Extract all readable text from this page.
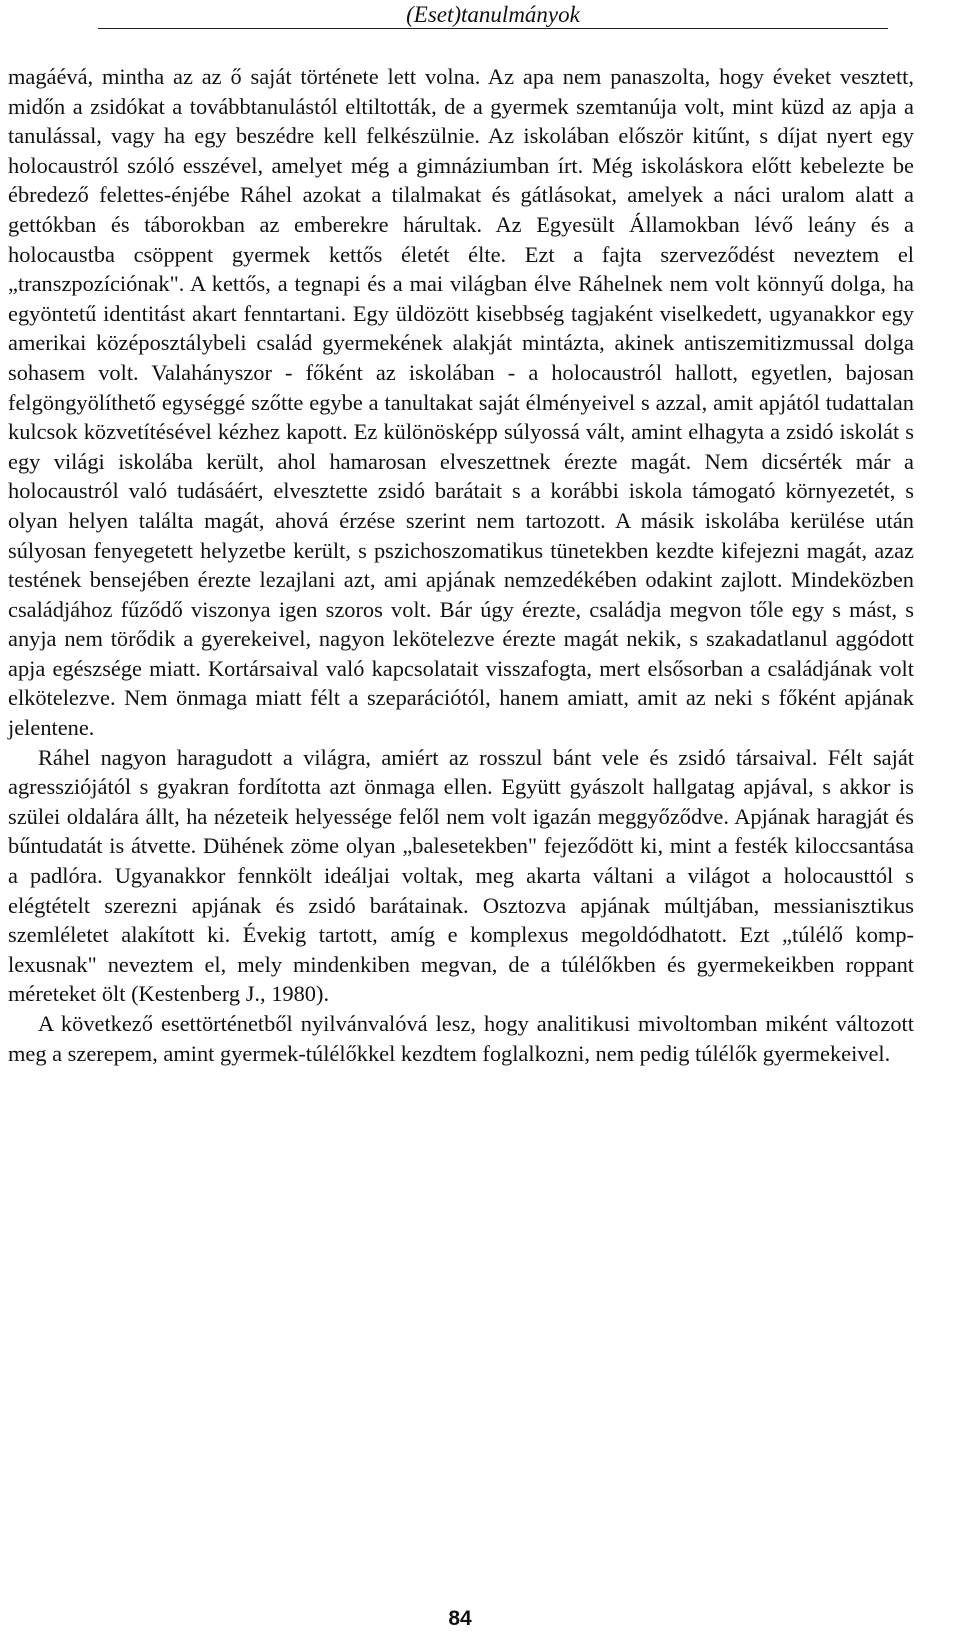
(Eset)tanulmányok

magáévá, mintha az az ő saját története lett volna. Az apa nem panaszolta, hogy éveket vesztett, midőn a zsidókat a továbbtanulástól eltiltották, de a gyermek szemtanúja volt, mint küzd az apja a tanulással, vagy ha egy beszédre kell felkészülnie. Az iskolában először kitűnt, s díjat nyert egy holocaustról szóló esszével, amelyet még a gimnáziumban írt. Még iskoláskora előtt kebelezte be ébredező felettes-énjébe Ráhel azokat a tilalmakat és gátlásokat, amelyek a náci uralom alatt a gettókban és táborokban az emberekre hárultak. Az Egyesült Államokban lévő leány és a holocaustba csöppent gyermek kettős életét élte. Ezt a fajta szerveződést neveztem el „transzpozíciónak". A kettős, a tegnapi és a mai világban élve Ráhelnek nem volt könnyű dolga, ha egyöntetű identitást akart fenntartani. Egy üldözött kisebbség tagjaként viselkedett, ugyanakkor egy amerikai középosztálybeli család gyermekének alakját mintázta, akinek antiszemitizmussal dolga sohasem volt. Valahányszor - főként az iskolában - a holocaustról hallott, egyetlen, bajosan felgöngyölíthető egységgé szőtte egybe a tanultakat saját élményeivel s azzal, amit apjától tudattalan kulcsok közvetítésével kézhez kapott. Ez különösképp súlyossá vált, amint elhagyta a zsidó iskolát s egy világi iskolába került, ahol hamarosan elveszettnek érezte magát. Nem dicsérték már a holocaustról való tudásáért, elvesztette zsidó barátait s a korábbi iskola támogató környezetét, s olyan helyen találta magát, ahová érzése szerint nem tartozott. A másik iskolába kerülése után súlyosan fenyegetett helyzetbe került, s pszichoszomatikus tünetekben kezdte kifejezni magát, azaz testének bensejében érezte lezajlani azt, ami apjának nemzedékében odakint zajlott. Mindeközben családjához fűződő viszonya igen szoros volt. Bár úgy érezte, családja megvon tőle egy s mást, s anyja nem törődik a gyerekeivel, nagyon lekötelezve érezte magát nekik, s szakadatlanul aggódott apja egészsége miatt. Kortársaival való kapcsolatait visszafogta, mert elsősorban a családjának volt elkötelezve. Nem önmaga miatt félt a szeparációtól, hanem amiatt, amit az neki s főként apjának jelentene.

Ráhel nagyon haragudott a világra, amiért az rosszul bánt vele és zsidó társaival. Félt saját agressziójától s gyakran fordította azt önmaga ellen. Együtt gyászolt hallgatag apjával, s akkor is szülei oldalára állt, ha nézeteik helyessége felől nem volt igazán meggyőződve. Apjának haragját és bűntudatát is átvette. Dühének zöme olyan „balesetekben" fejeződött ki, mint a festék kiloccsantása a padlóra. Ugyanakkor fennkölt ideáljai voltak, meg akarta váltani a világot a holocausttól s elégtételt szerezni apjának és zsidó barátainak. Osztozva apjának múltjában, messianisztikus szemléletet alakított ki. Évekig tartott, amíg e komplexus megoldódhatott. Ezt „túlélő komplexusnak" neveztem el, mely mindenkiben megvan, de a túlélőkben és gyermekeikben roppant méreteket ölt (Kestenberg J., 1980).

A következő esettörténetből nyilvánvalóvá lesz, hogy analitikusi mivoltomban miként változott meg a szerepem, amint gyermek-túlélőkkel kezdtem foglalkozni, nem pedig túlélők gyermekeivel.

84
